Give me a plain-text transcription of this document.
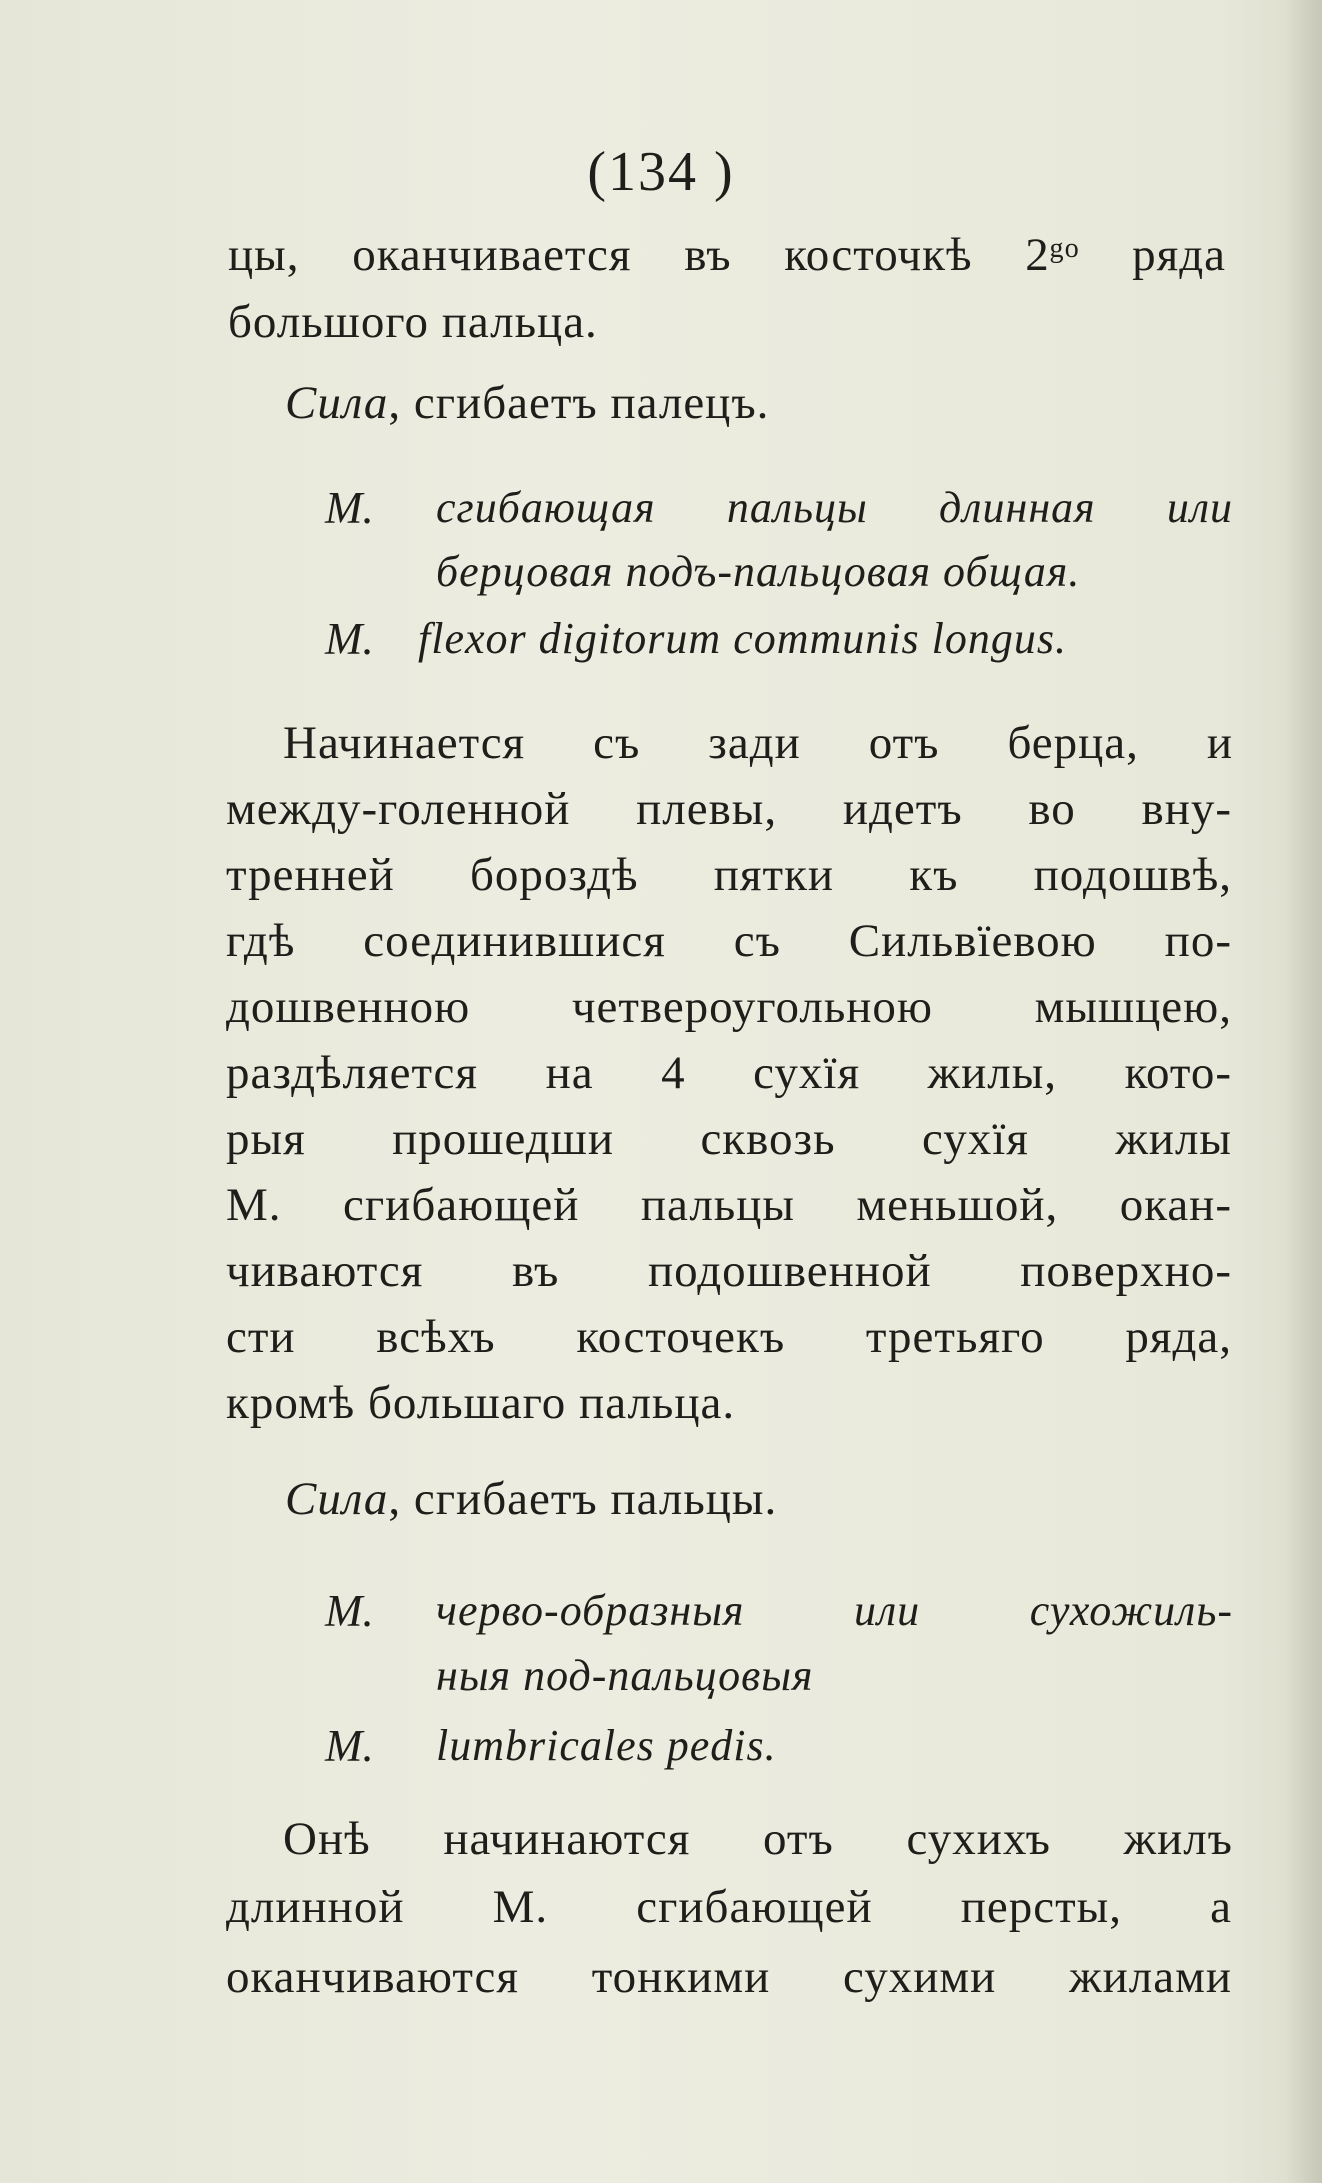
(134 )
цы, оканчивается въ косточкѣ 2ᵍᵒ ряда
большого пальца.
Сила, сгибаетъ палецъ.
М. сгибающая пальцы длинная или
берцовая подъ-пальцовая общая.
М. flexor digitorum communis longus.
Начинается съ зади отъ берца, и
между-голенной плевы, идетъ во вну-
тренней бороздѣ пятки къ подошвѣ,
гдѣ соединившися съ Сильвїевою по-
дошвенною четвероугольною мышцею,
раздѣляется на 4 сухїя жилы, кото-
рыя прошедши сквозь сухїя жилы
М. сгибающей пальцы меньшой, окан-
чиваются въ подошвенной поверхно-
сти всѣхъ косточекъ третьяго ряда,
кромѣ большаго пальца.
Сила, сгибаетъ пальцы.
М. черво-образныя или сухожиль-
ныя под-пальцовыя
М. lumbricales pedis.
Онѣ начинаются отъ сухихъ жилъ
длинной М. сгибающей персты, а
оканчиваются тонкими сухими жилами
